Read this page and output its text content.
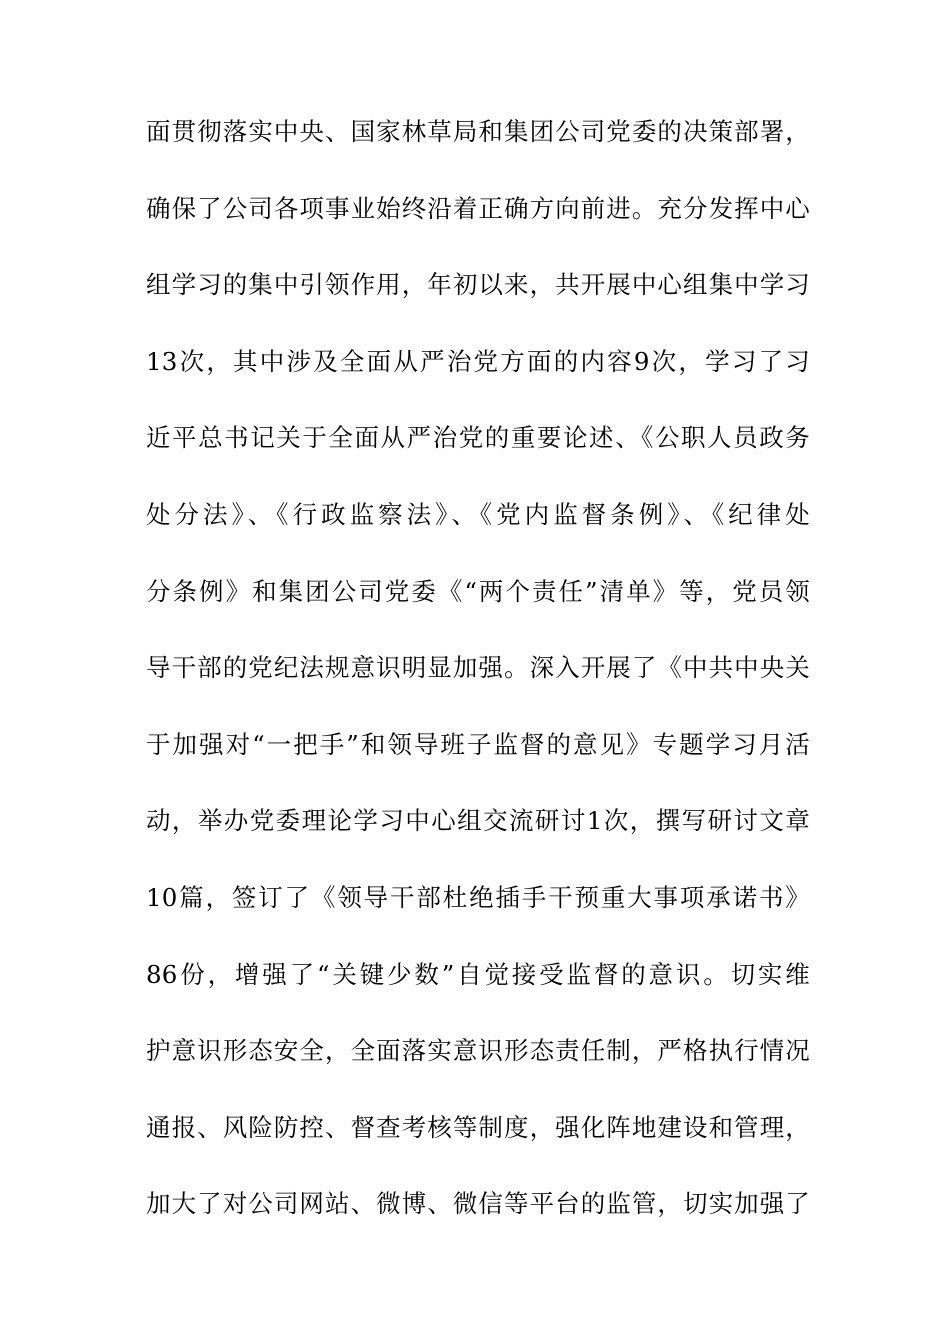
面贯彻落实中央、国家林草局和集团公司党委的决策部署，
确保了公司各项事业始终沿着正确方向前进。充分发挥中心
组学习的集中引领作用，年初以来，共开展中心组集中学习
13次，其中涉及全面从严治党方面的内容9次，学习了习
近平总书记关于全面从严治党的重要论述、《公职人员政务
处分法》、《行政监察法》、《党内监督条例》、《纪律处
分条例》和集团公司党委《“两个责任”清单》等，党员领
导干部的党纪法规意识明显加强。深入开展了《中共中央关
于加强对“一把手”和领导班子监督的意见》专题学习月活
动，举办党委理论学习中心组交流研讨1次，撰写研讨文章
10篇，签订了《领导干部杜绝插手干预重大事项承诺书》
86份，增强了“关键少数”自觉接受监督的意识。切实维
护意识形态安全，全面落实意识形态责任制，严格执行情况
通报、风险防控、督查考核等制度，强化阵地建设和管理，
加大了对公司网站、微博、微信等平台的监管，切实加强了
